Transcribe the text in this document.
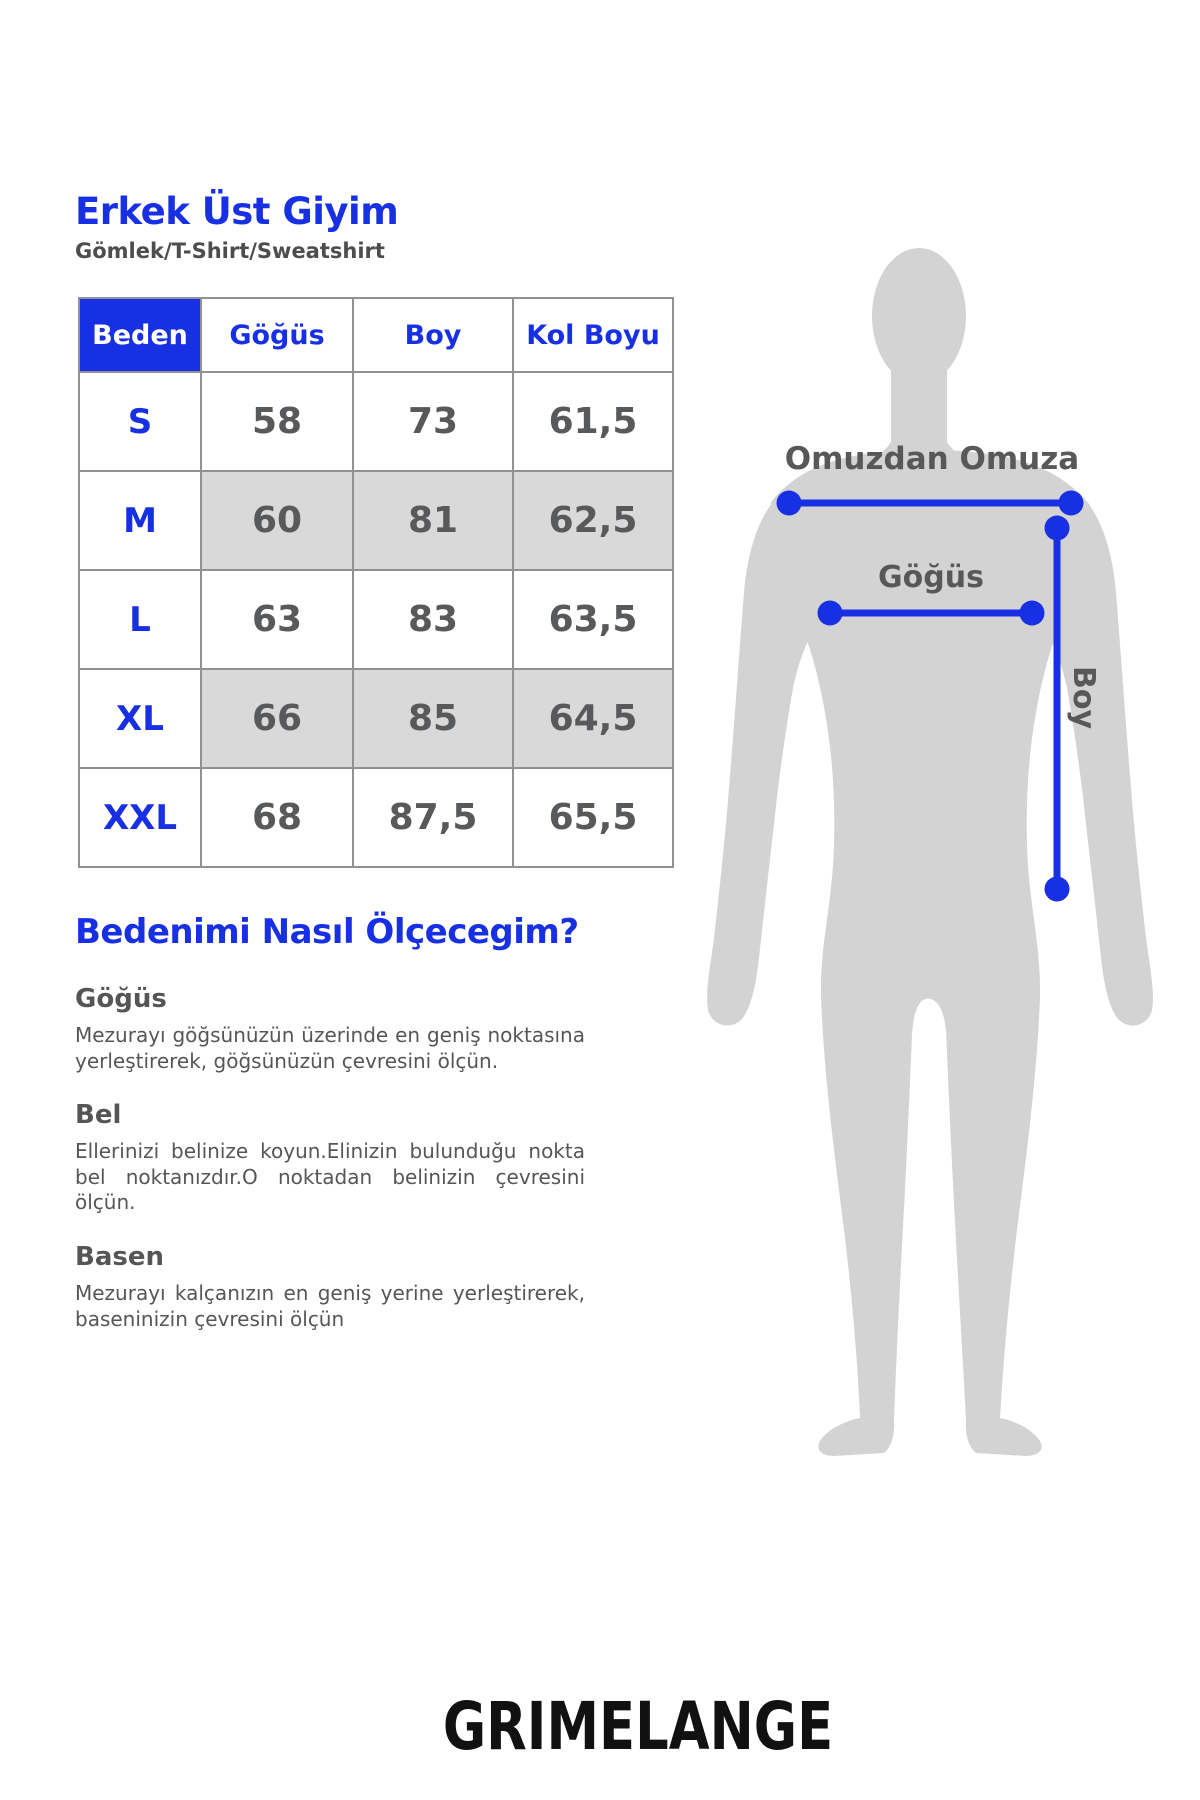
Erkek Üst Giyim
Gömlek/T-Shirt/Sweatshirt
Beden	Göğüs	Boy	Kol Boyu
S	58	73	61,5
M	60	81	62,5
L	63	83	63,5
XL	66	85	64,5
XXL	68	87,5	65,5
Bedenimi Nasıl Ölçecegim?
Göğüs

Mezurayı göğsünüzün üzerinde en geniş noktasına yerleştirerek, göğsünüzün çevresini ölçün.

Bel

Ellerinizi belinize koyun.Elinizin bulunduğu nokta bel noktanızdır.O noktadan belinizin çevresini ölçün.

Basen

Mezurayı kalçanızın en geniş yerine yerleştirerek, baseninizin çevresini ölçün

Omuzdan Omuza
Göğüs
Boy
GRIMELANGE
